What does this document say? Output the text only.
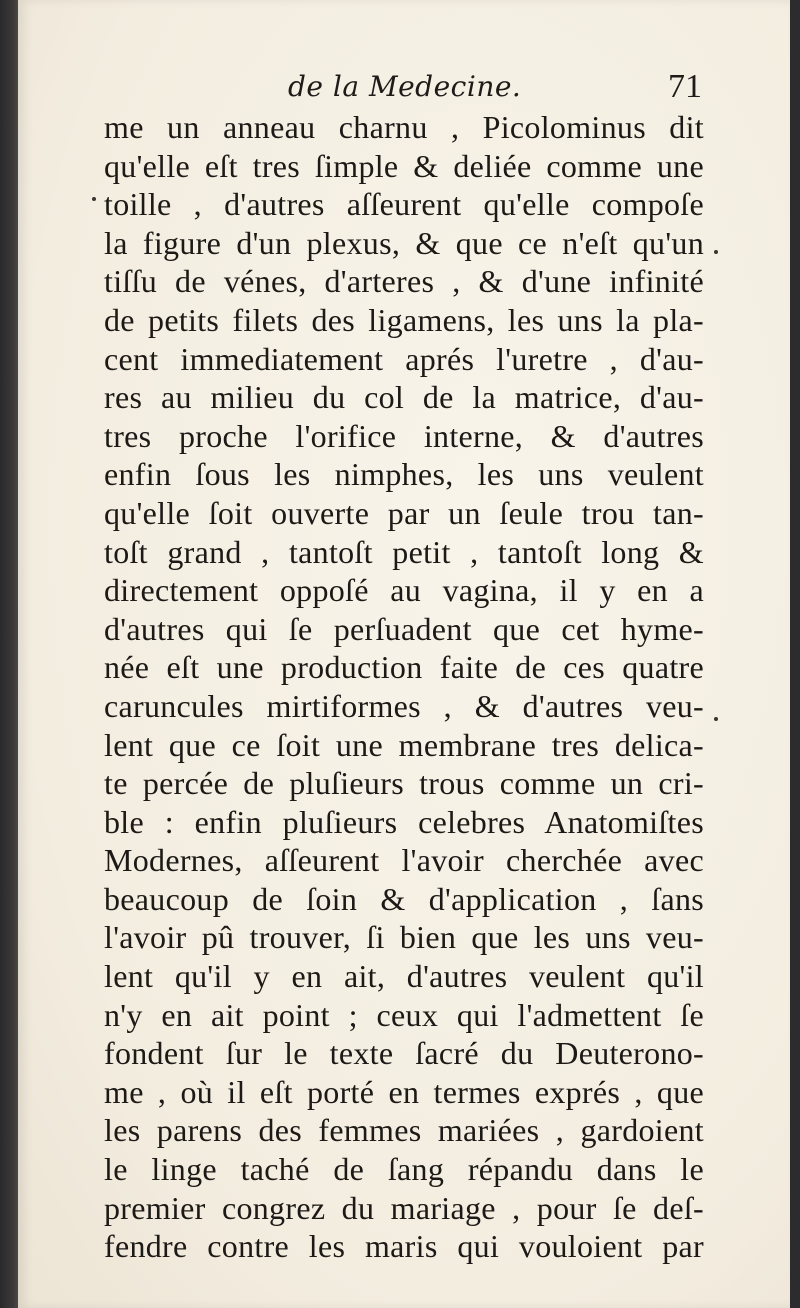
de la Medecine.	71
me un anneau charnu , Picolominus dit
qu'elle eſt tres ſimple & deliée comme une
toille , d'autres aſſeurent qu'elle compoſe
la figure d'un plexus, & que ce n'eſt qu'un
tiſſu de vénes, d'arteres , & d'une infinité
de petits filets des ligamens, les uns la pla-
cent immediatement aprés l'uretre , d'au-
res au milieu du col de la matrice, d'au-
tres proche l'orifice interne, & d'autres
enfin ſous les nimphes, les uns veulent
qu'elle ſoit ouverte par un ſeule trou tan-
toſt grand , tantoſt petit , tantoſt long &
directement oppoſé au vagina, il y en a
d'autres qui ſe perſuadent que cet hyme-
née eſt une production faite de ces quatre
caruncules mirtiformes , & d'autres veu-
lent que ce ſoit une membrane tres delica-
te percée de pluſieurs trous comme un cri-
ble : enfin pluſieurs celebres Anatomiſtes
Modernes, aſſeurent l'avoir cherchée avec
beaucoup de ſoin & d'application , ſans
l'avoir pû trouver, ſi bien que les uns veu-
lent qu'il y en ait, d'autres veulent qu'il
n'y en ait point ; ceux qui l'admettent ſe
fondent ſur le texte ſacré du Deuterono-
me , où il eſt porté en termes exprés , que
les parens des femmes mariées , gardoient
le linge taché de ſang répandu dans le
premier congrez du mariage , pour ſe deſ-
fendre contre les maris qui vouloient par
